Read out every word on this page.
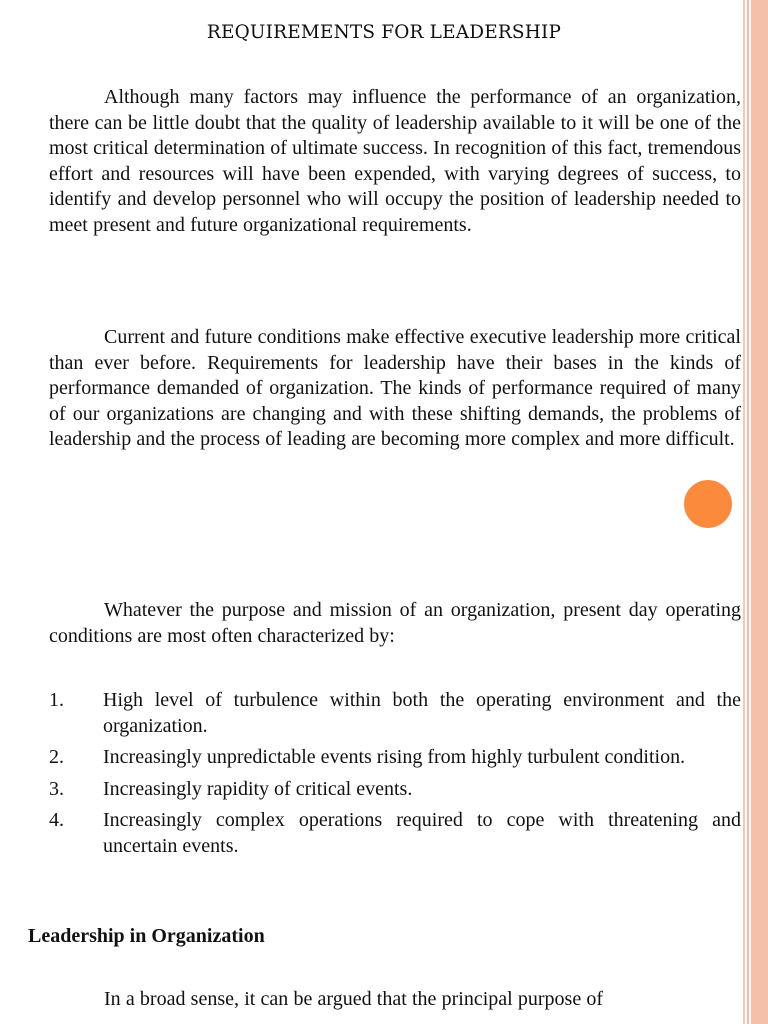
REQUIREMENTS FOR LEADERSHIP

Although many factors may influence the performance of an organization, there can be little doubt that the quality of leadership available to it will be one of the most critical determination of ultimate success. In recognition of this fact, tremendous effort and resources will have been expended, with varying degrees of success, to identify and develop personnel who will occupy the position of leadership needed to meet present and future organizational requirements.

Current and future conditions make effective executive leadership more critical than ever before. Requirements for leadership have their bases in the kinds of performance demanded of organization. The kinds of performance required of many of our organizations are changing and with these shifting demands, the problems of leadership and the process of leading are becoming more complex and more difficult.

Whatever the purpose and mission of an organization, present day operating conditions are most often characterized by:

1. High level of turbulence within both the operating environment and the organization.
2. Increasingly unpredictable events rising from highly turbulent condition.
3. Increasingly rapidity of critical events.
4. Increasingly complex operations required to cope with threatening and uncertain events.
Leadership in Organization

In a broad sense, it can be argued that the principal purpose of
